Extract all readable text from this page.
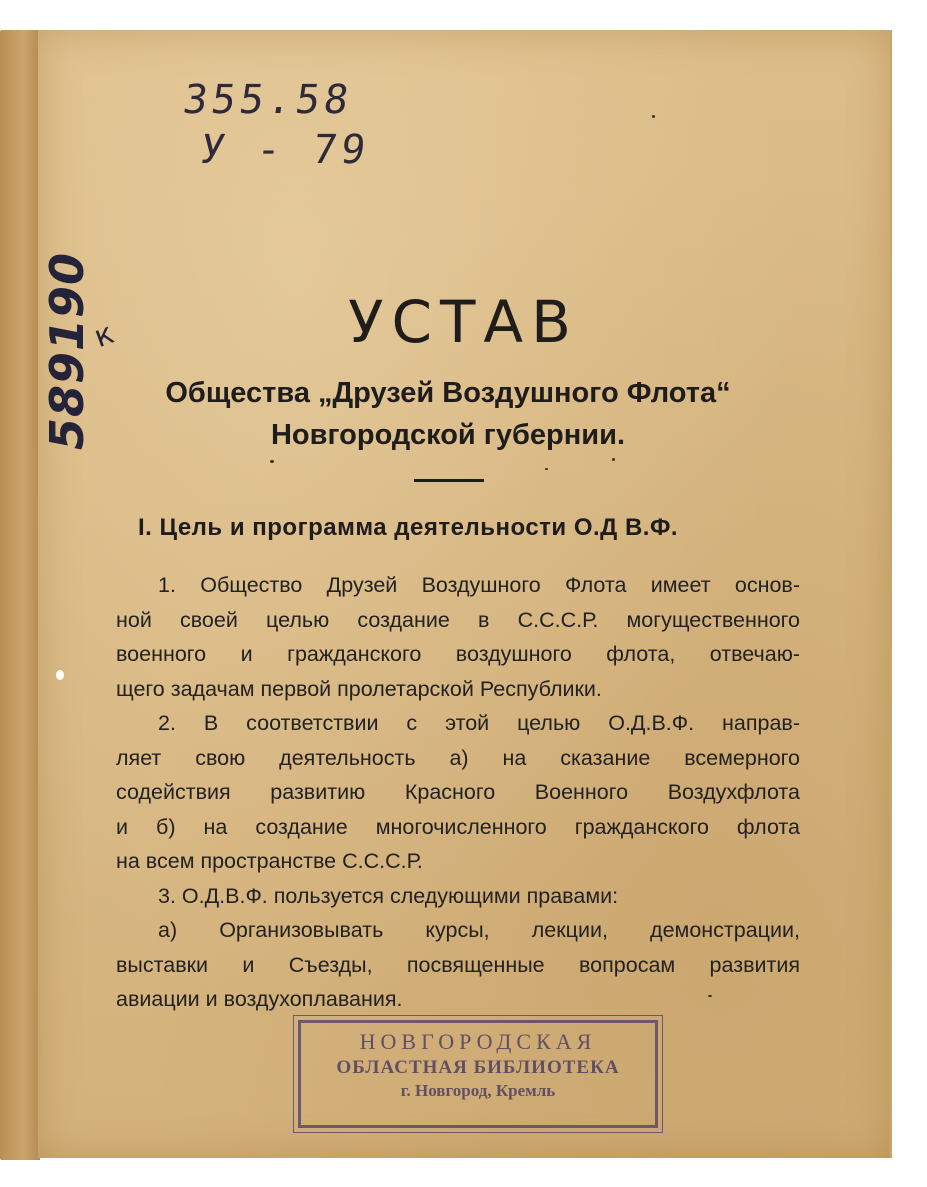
355.58
У - 79
589190
к	УСТАВ
Общества „Друзей Воздушного Флота“
Новгородской губернии.
I. Цель и программа деятельности О.Д В.Ф.
1. Общество Друзей Воздушного Флота имеет основ-
ной своей целью создание в С.С.С.Р. могущественного
военного и гражданского воздушного флота, отвечаю-
щего задачам первой пролетарской Республики.
2. В соответствии с этой целью О.Д.В.Ф. направ-
ляет свою деятельность а) на сказание всемерного
содействия развитию Красного Военного Воздухфлота
и б) на создание многочисленного гражданского флота
на всем пространстве С.С.С.Р.
3. О.Д.В.Ф. пользуется следующими правами:
а) Организовывать курсы, лекции, демонстрации,
выставки и Съезды, посвященные вопросам развития
авиации и воздухоплавания.
НОВГОРОДСКАЯ
ОБЛАСТНАЯ БИБЛИОТЕКА
г. Новгород, Кремль
